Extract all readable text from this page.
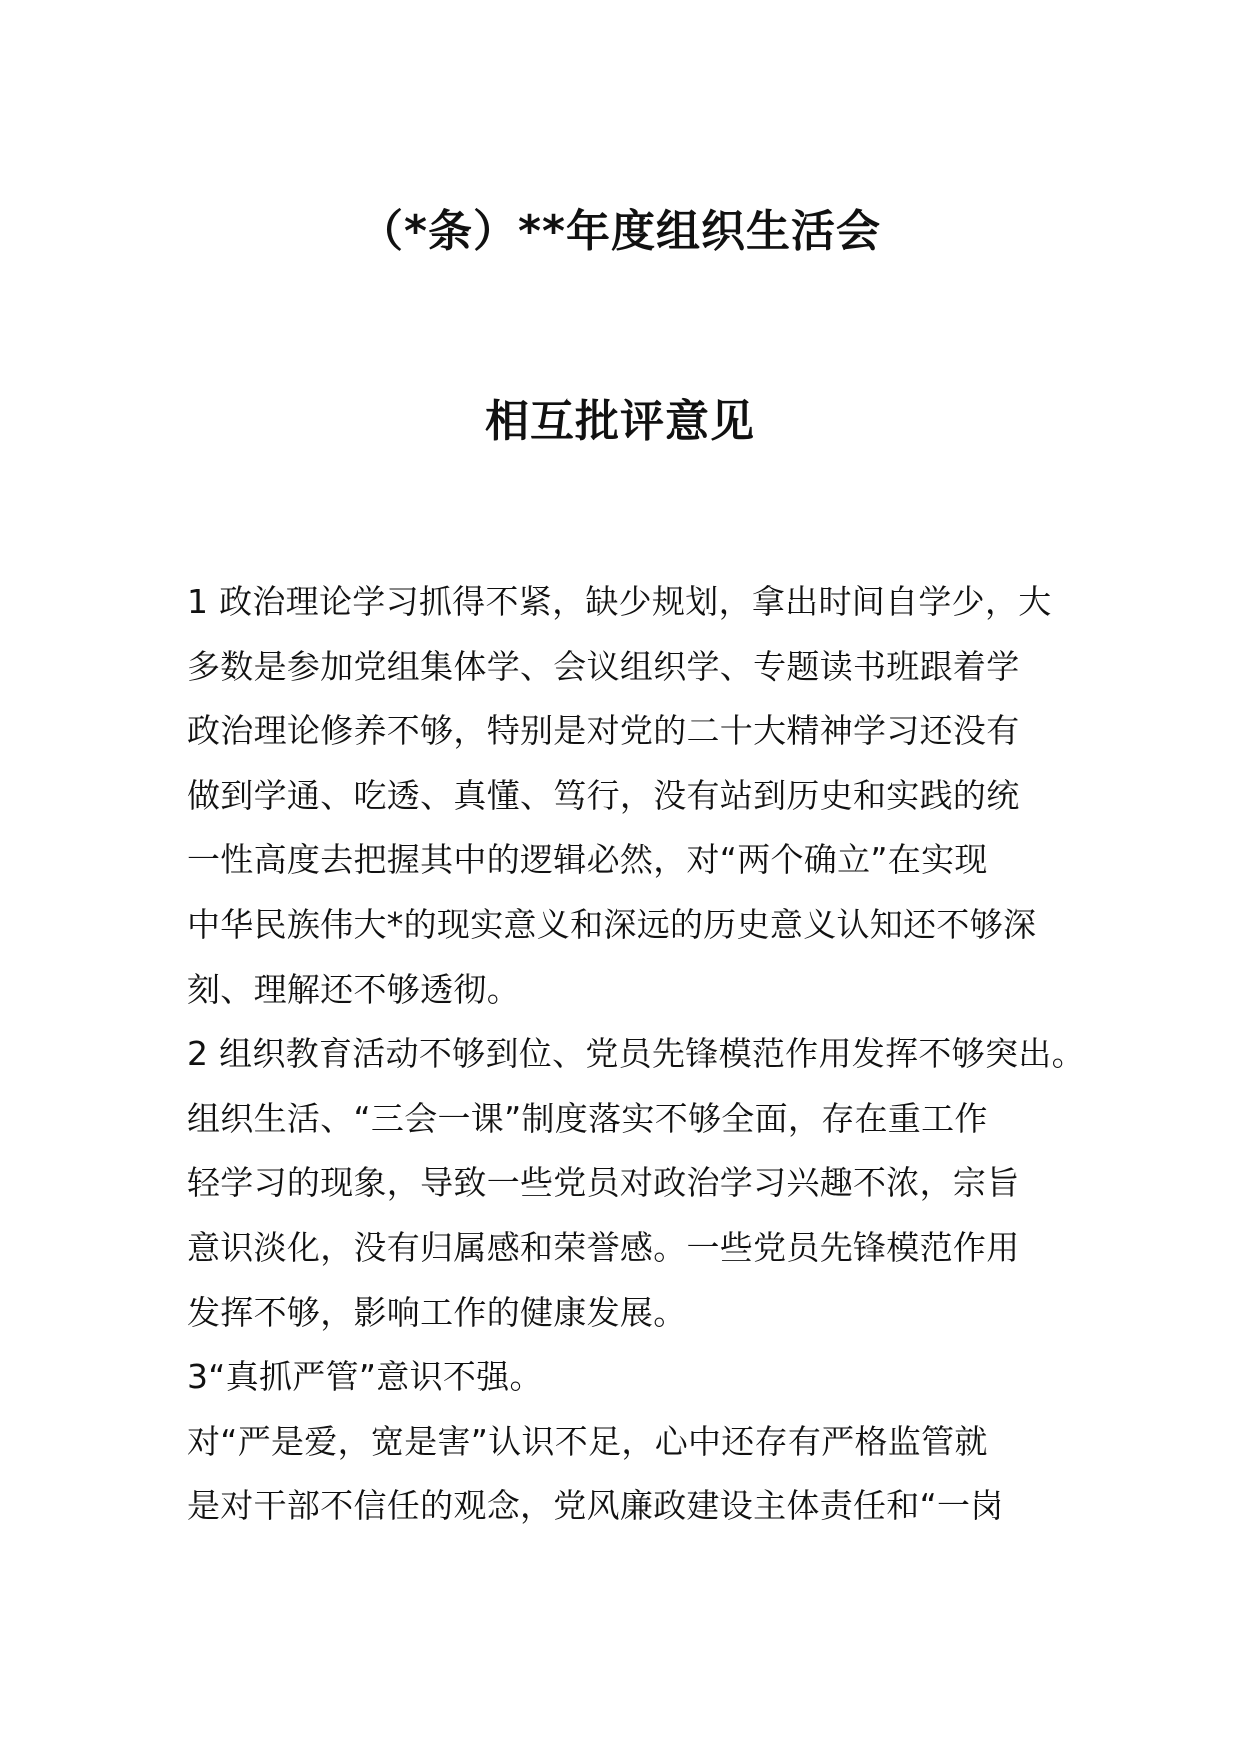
（*条）**年度组织生活会
相互批评意见
1 政治理论学习抓得不紧，缺少规划，拿出时间自学少，大
多数是参加党组集体学、会议组织学、专题读书班跟着学
政治理论修养不够，特别是对党的二十大精神学习还没有
做到学通、吃透、真懂、笃行，没有站到历史和实践的统
一性高度去把握其中的逻辑必然，对“两个确立”在实现
中华民族伟大*的现实意义和深远的历史意义认知还不够深
刻、理解还不够透彻。
2 组织教育活动不够到位、党员先锋模范作用发挥不够突出。
组织生活、“三会一课”制度落实不够全面，存在重工作
轻学习的现象，导致一些党员对政治学习兴趣不浓，宗旨
意识淡化，没有归属感和荣誉感。一些党员先锋模范作用
发挥不够，影响工作的健康发展。
3“真抓严管”意识不强。
对“严是爱，宽是害”认识不足，心中还存有严格监管就
是对干部不信任的观念，党风廉政建设主体责任和“一岗
